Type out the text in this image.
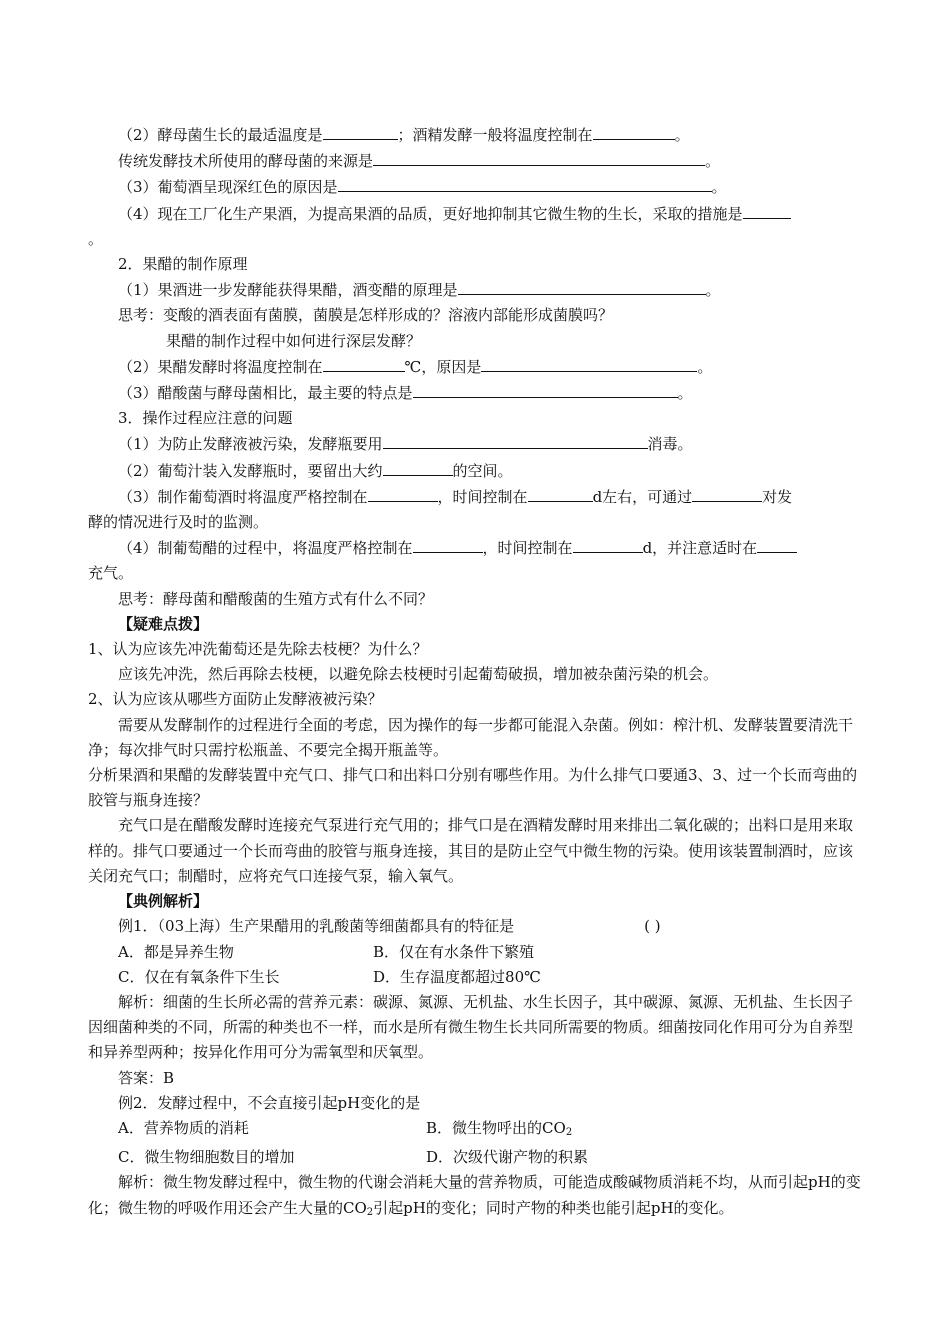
（2）酵母菌生长的最适温度是	；酒精发酵一般将温度控制在	。
传统发酵技术所使用的酵母菌的来源是	。
（3）葡萄酒呈现深红色的原因是	。
（4）现在工厂化生产果酒，为提高果酒的品质，更好地抑制其它微生物的生长，采取的措施是
。
2．果醋的制作原理
（1）果酒进一步发酵能获得果醋，酒变醋的原理是	。
思考：变酸的酒表面有菌膜，菌膜是怎样形成的？溶液内部能形成菌膜吗？
果醋的制作过程中如何进行深层发酵？
（2）果醋发酵时将温度控制在	℃，原因是	。
（3）醋酸菌与酵母菌相比，最主要的特点是	。
3．操作过程应注意的问题
（1）为防止发酵液被污染，发酵瓶要用	消毒。
（2）葡萄汁装入发酵瓶时，要留出大约	的空间。
（3）制作葡萄酒时将温度严格控制在	，时间控制在	d左右，可通过	对发
酵的情况进行及时的监测。
（4）制葡萄醋的过程中，将温度严格控制在	，时间控制在	d，并注意适时在
充气。
思考：酵母菌和醋酸菌的生殖方式有什么不同？
【疑难点拨】
1、认为应该先冲洗葡萄还是先除去枝梗？为什么？
应该先冲洗，然后再除去枝梗，以避免除去枝梗时引起葡萄破损，增加被杂菌污染的机会。
2、认为应该从哪些方面防止发酵液被污染？
需要从发酵制作的过程进行全面的考虑，因为操作的每一步都可能混入杂菌。例如：榨汁机、发酵装置要清洗干净；每次排气时只需拧松瓶盖、不要完全揭开瓶盖等。
分析果酒和果醋的发酵装置中充气口、排气口和出料口分别有哪些作用。为什么排气口要通3、3、过一个长而弯曲的胶管与瓶身连接？
充气口是在醋酸发酵时连接充气泵进行充气用的；排气口是在酒精发酵时用来排出二氧化碳的；出料口是用来取样的。排气口要通过一个长而弯曲的胶管与瓶身连接，其目的是防止空气中微生物的污染。使用该装置制酒时，应该关闭充气口；制醋时，应将充气口连接气泵，输入氧气。
【典例解析】
例1．（03上海）生产果醋用的乳酸菌等细菌都具有的特征是	( )
A．都是异养生物	B．仅在有水条件下繁殖
C．仅在有氧条件下生长	D．生存温度都超过80℃
解析：细菌的生长所必需的营养元素：碳源、氮源、无机盐、水生长因子，其中碳源、氮源、无机盐、生长因子因细菌种类的不同，所需的种类也不一样，而水是所有微生物生长共同所需要的物质。细菌按同化作用可分为自养型和异养型两种；按异化作用可分为需氧型和厌氧型。
答案：B
例2．发酵过程中，不会直接引起pH变化的是
A．营养物质的消耗	B．微生物呼出的$CO_2$
C．微生物细胞数目的增加	D．次级代谢产物的积累
解析：微生物发酵过程中，微生物的代谢会消耗大量的营养物质，可能造成酸碱物质消耗不均，从而引起pH的变化；微生物的呼吸作用还会产生大量的$CO_2$引起pH的变化；同时产物的种类也能引起pH的变化。
